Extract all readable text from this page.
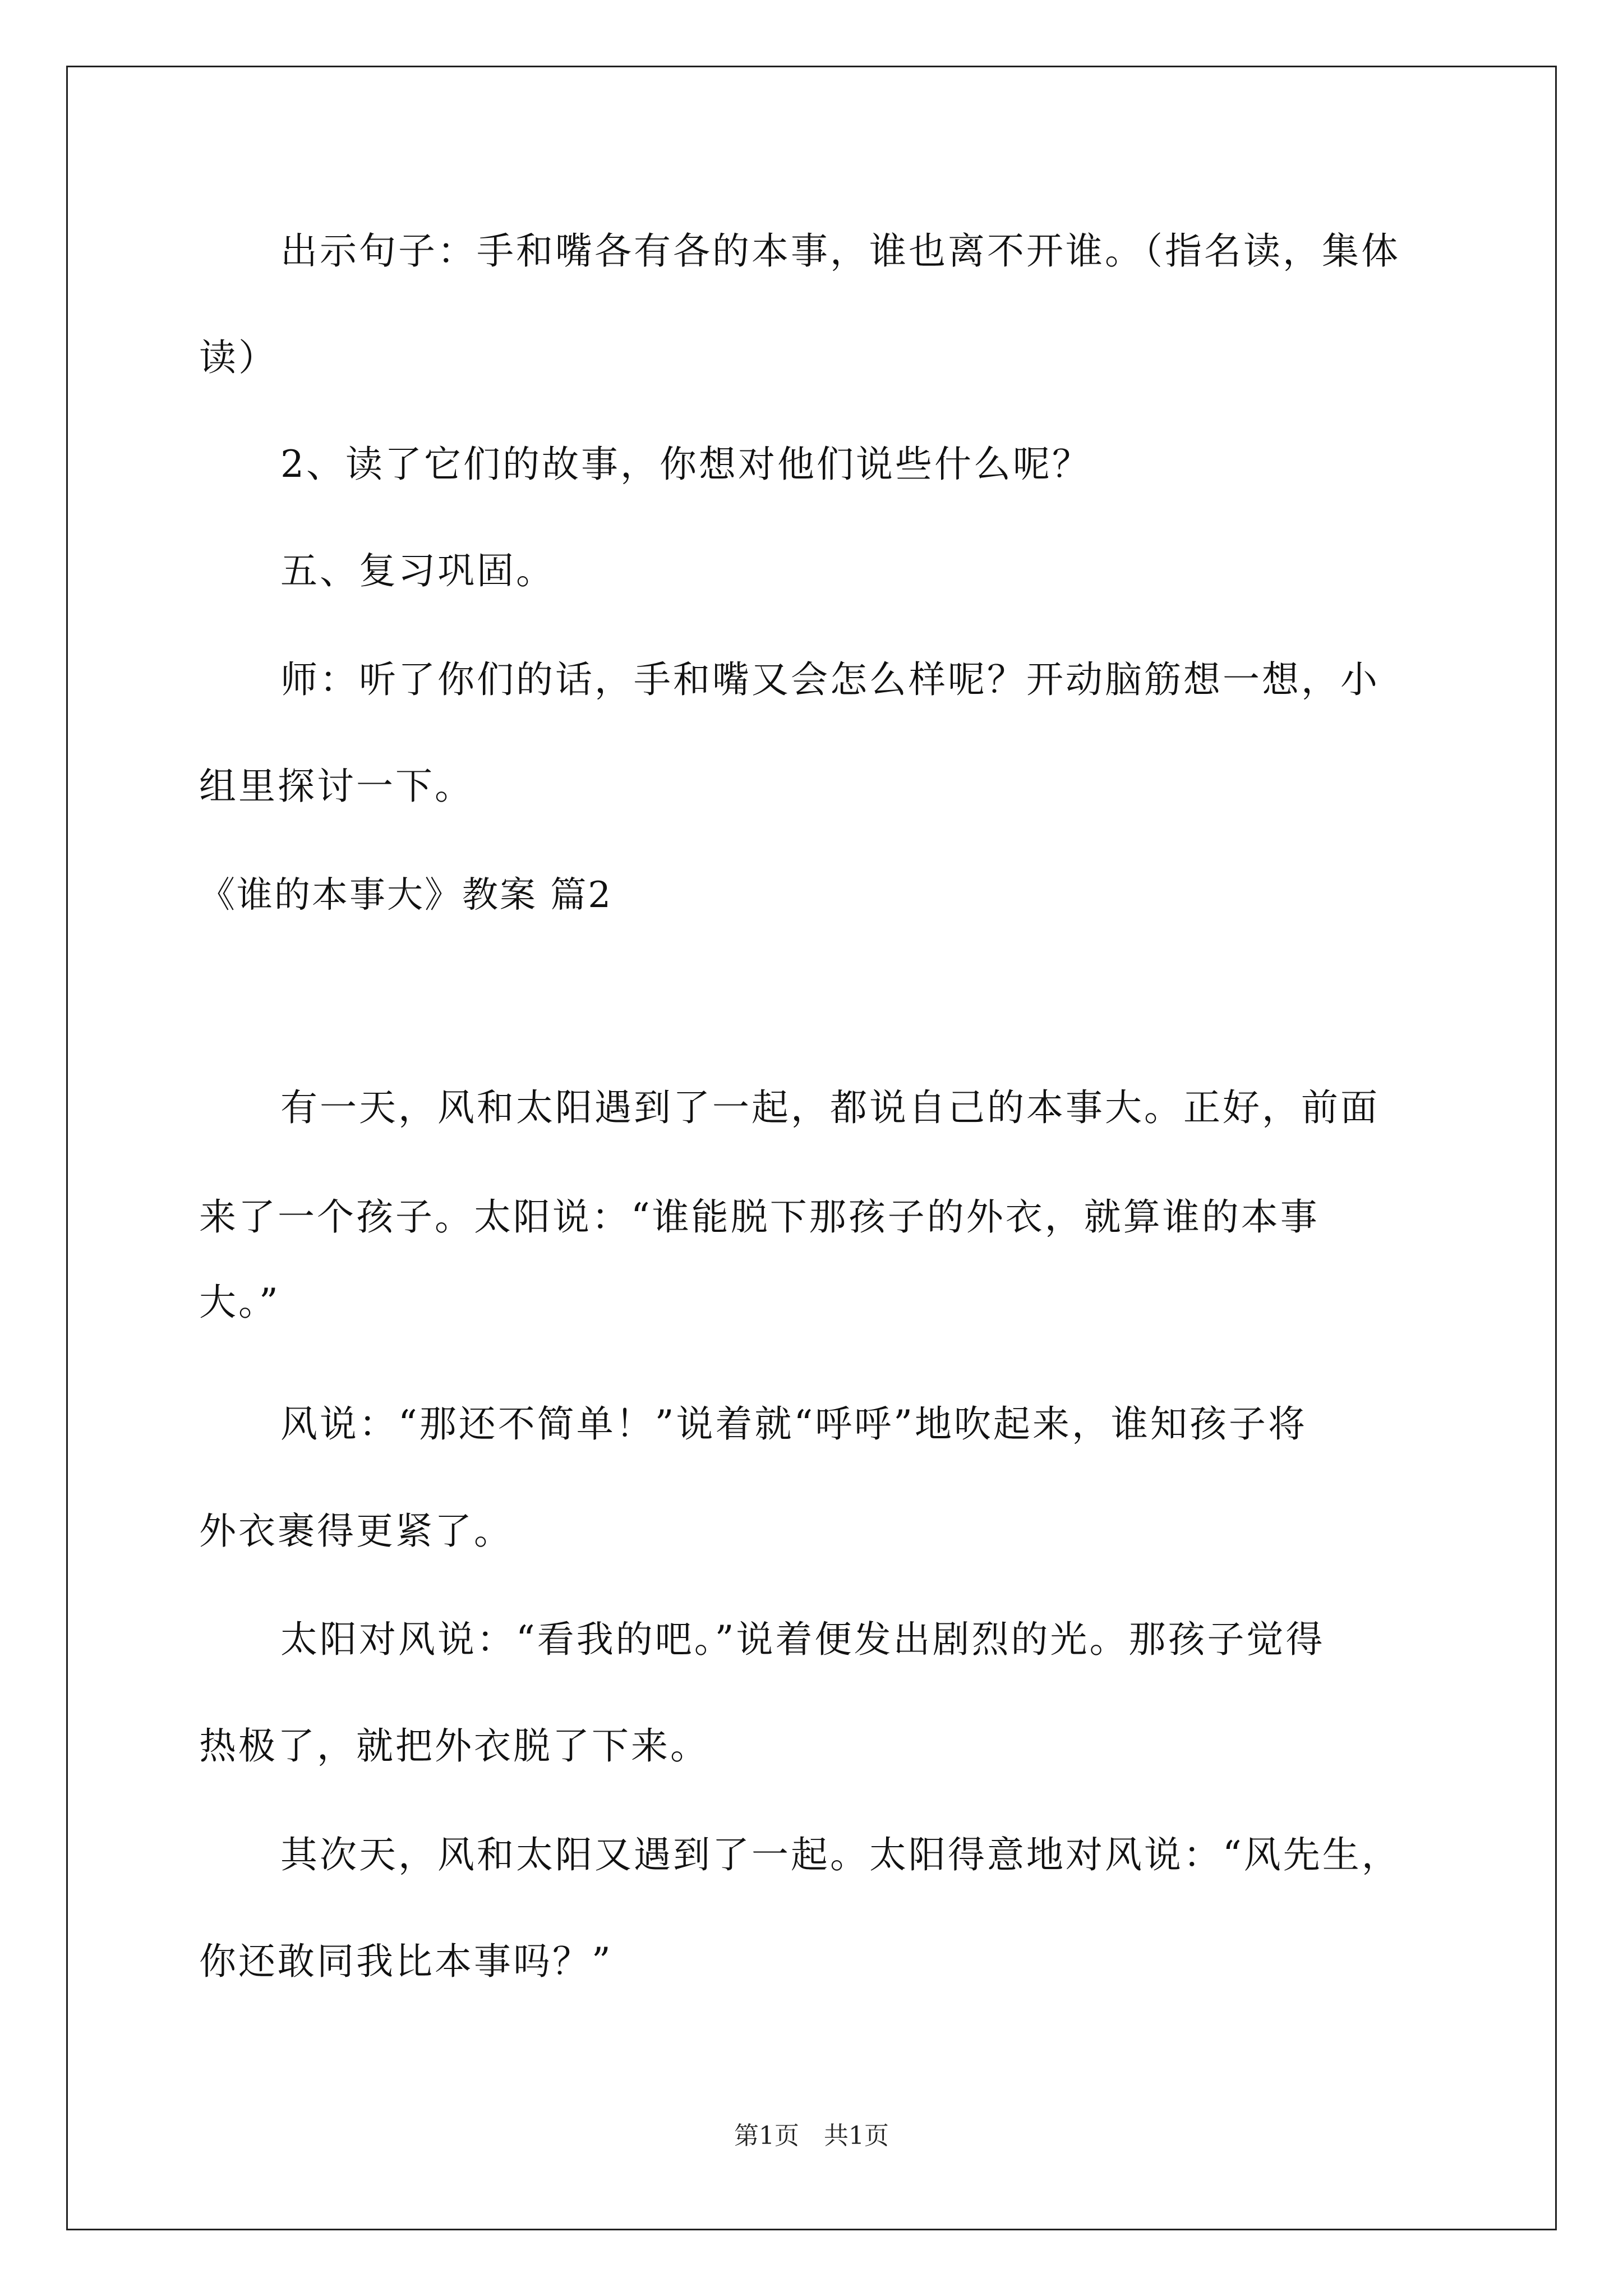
出示句子：手和嘴各有各的本事，谁也离不开谁。（指名读，集体
读）
2、读了它们的故事，你想对他们说些什么呢？
五、复习巩固。
师：听了你们的话，手和嘴又会怎么样呢？开动脑筋想一想，小
组里探讨一下。
《谁的本事大》教案 篇2
有一天，风和太阳遇到了一起，都说自己的本事大。正好，前面
来了一个孩子。太阳说：“谁能脱下那孩子的外衣，就算谁的本事
大。”
风说：“那还不简单！”说着就“呼呼”地吹起来，谁知孩子将
外衣裹得更紧了。
太阳对风说：“看我的吧。”说着便发出剧烈的光。那孩子觉得
热极了，就把外衣脱了下来。
其次天，风和太阳又遇到了一起。太阳得意地对风说：“风先生，
你还敢同我比本事吗？”
第1页　共1页
